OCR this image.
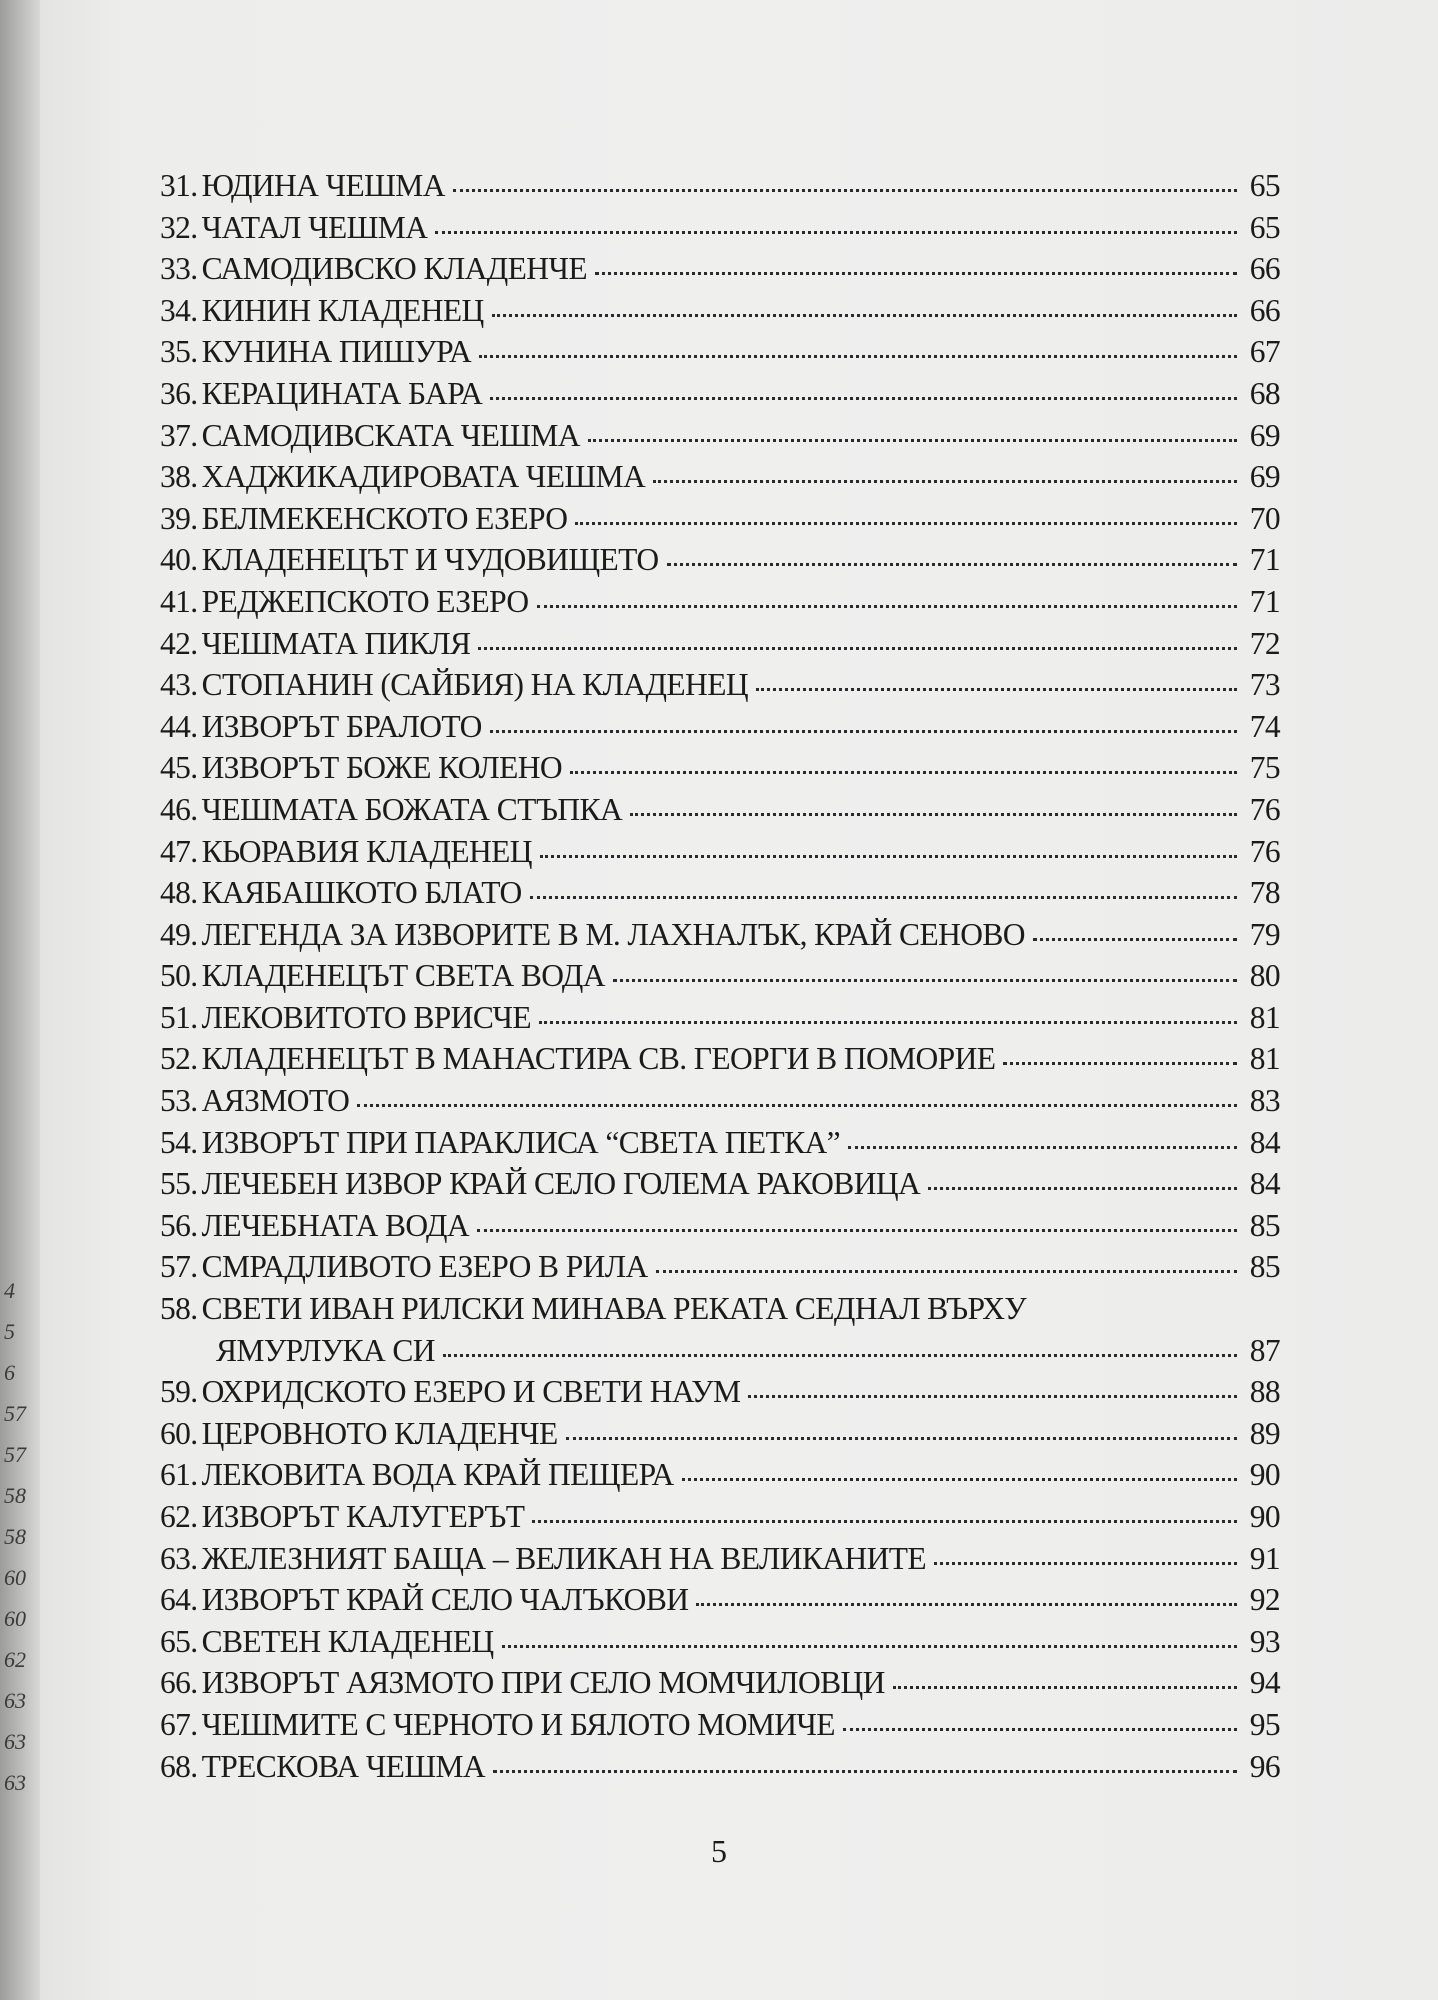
4
5
6
57
57
58
58
60
60
62
63
63
63
31. ЮДИНА ЧЕШМА	65
32. ЧАТАЛ ЧЕШМА	65
33. САМОДИВСКО КЛАДЕНЧЕ	66
34. КИНИН КЛАДЕНЕЦ	66
35. КУНИНА ПИШУРА	67
36. КЕРАЦИНАТА БАРА	68
37. САМОДИВСКАТА ЧЕШМА	69
38. ХАДЖИКАДИРОВАТА ЧЕШМА	69
39. БЕЛМЕКЕНСКОТО ЕЗЕРО	70
40. КЛАДЕНЕЦЪТ И ЧУДОВИЩЕТО	71
41. РЕДЖЕПСКОТО ЕЗЕРО	71
42. ЧЕШМАТА ПИКЛЯ	72
43. СТОПАНИН (САЙБИЯ) НА КЛАДЕНЕЦ	73
44. ИЗВОРЪТ БРАЛОТО	74
45. ИЗВОРЪТ БОЖЕ КОЛЕНО	75
46. ЧЕШМАТА БОЖАТА СТЪПКА	76
47. КЬОРАВИЯ КЛАДЕНЕЦ	76
48. КАЯБАШКОТО БЛАТО	78
49. ЛЕГЕНДА ЗА ИЗВОРИТЕ В М. ЛАХНАЛЪК, КРАЙ СЕНОВО	79
50. КЛАДЕНЕЦЪТ СВЕТА ВОДА	80
51. ЛЕКОВИТОТО ВРИСЧЕ	81
52. КЛАДЕНЕЦЪТ В МАНАСТИРА СВ. ГЕОРГИ В ПОМОРИЕ	81
53. АЯЗМОТО	83
54. ИЗВОРЪТ ПРИ ПАРАКЛИСА “СВЕТА ПЕТКА”	84
55. ЛЕЧЕБЕН ИЗВОР КРАЙ СЕЛО ГОЛЕМА РАКОВИЦА	84
56. ЛЕЧЕБНАТА ВОДА	85
57. СМРАДЛИВОТО ЕЗЕРО В РИЛА	85
58. СВЕТИ ИВАН РИЛСКИ МИНАВА РЕКАТА СЕДНАЛ ВЪРХУ
ЯМУРЛУКА СИ	87
59. ОХРИДСКОТО ЕЗЕРО И СВЕТИ НАУМ	88
60. ЦЕРОВНОТО КЛАДЕНЧЕ	89
61. ЛЕКОВИТА ВОДА КРАЙ ПЕЩЕРА	90
62. ИЗВОРЪТ КАЛУГЕРЪТ	90
63. ЖЕЛЕЗНИЯТ БАЩА – ВЕЛИКАН НА ВЕЛИКАНИТЕ	91
64. ИЗВОРЪТ КРАЙ СЕЛО ЧАЛЪКОВИ	92
65. СВЕТЕН КЛАДЕНЕЦ	93
66. ИЗВОРЪТ АЯЗМОТО ПРИ СЕЛО МОМЧИЛОВЦИ	94
67. ЧЕШМИТЕ С ЧЕРНОТО И БЯЛОТО МОМИЧЕ	95
68. ТРЕСКОВА ЧЕШМА	96
5
